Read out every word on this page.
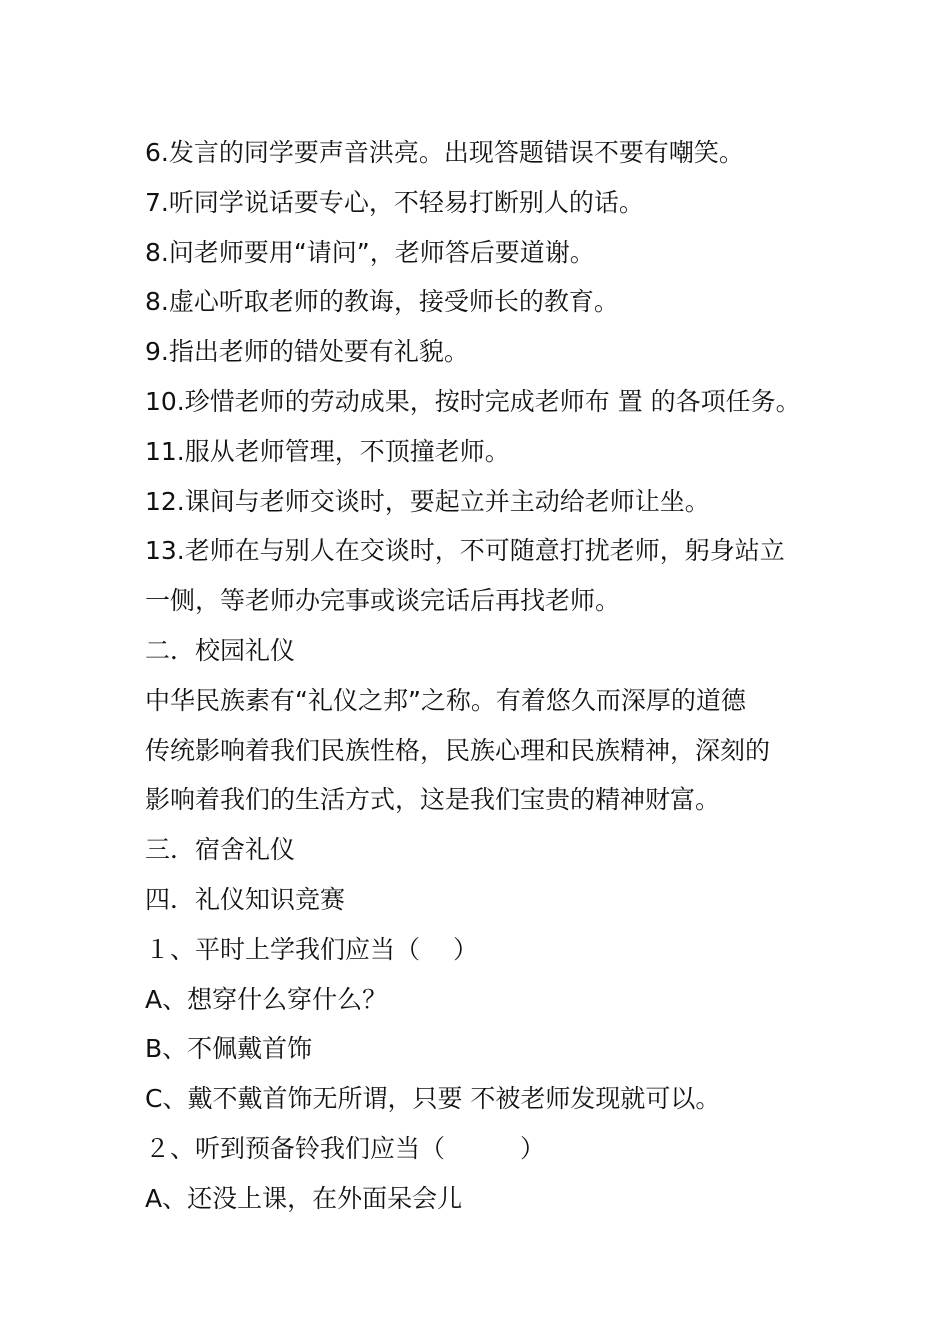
6.发言的同学要声音洪亮。出现答题错误不要有嘲笑。
7.听同学说话要专心，不轻易打断别人的话。
8.问老师要用“请问”，老师答后要道谢。
8.虚心听取老师的教诲，接受师长的教育。
9.指出老师的错处要有礼貌。
10.珍惜老师的劳动成果，按时完成老师布 置 的各项任务。
11.服从老师管理，不顶撞老师。
12.课间与老师交谈时，要起立并主动给老师让坐。
13.老师在与别人在交谈时，不可随意打扰老师，躬身站立
一侧，等老师办完事或谈完话后再找老师。
二．校园礼仪
中华民族素有“礼仪之邦”之称。有着悠久而深厚的道德
传统影响着我们民族性格，民族心理和民族精神，深刻的
影响着我们的生活方式，这是我们宝贵的精神财富。
三．宿舍礼仪
四．礼仪知识竞赛
１、平时上学我们应当（　 ）
A、想穿什么穿什么？
B、不佩戴首饰
C、戴不戴首饰无所谓，只要 不被老师发现就可以。
２、听到预备铃我们应当（　　　）
A、还没上课，在外面呆会儿
